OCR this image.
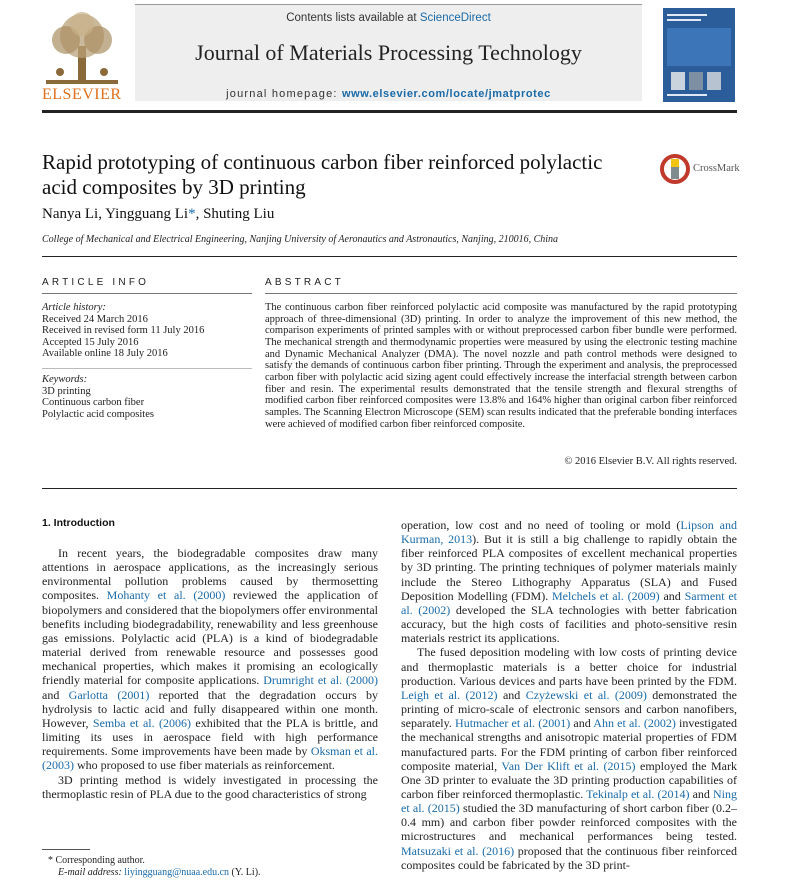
ELSEVIER
Contents lists available at ScienceDirect
Journal of Materials Processing Technology
journal homepage: www.elsevier.com/locate/jmatprotec
Rapid prototyping of continuous carbon fiber reinforced polylactic
acid composites by 3D printing
CrossMark
Nanya Li, Yingguang Li*, Shuting Liu
College of Mechanical and Electrical Engineering, Nanjing University of Aeronautics and Astronautics, Nanjing, 210016, China
ARTICLE INFO
Article history:
Received 24 March 2016
Received in revised form 11 July 2016
Accepted 15 July 2016
Available online 18 July 2016
Keywords:
3D printing
Continuous carbon fiber
Polylactic acid composites
ABSTRACT
The continuous carbon fiber reinforced polylactic acid composite was manufactured by the rapid prototyping approach of three-dimensional (3D) printing. In order to analyze the improvement of this new method, the comparison experiments of printed samples with or without preprocessed carbon fiber bundle were performed. The mechanical strength and thermodynamic properties were measured by using the electronic testing machine and Dynamic Mechanical Analyzer (DMA). The novel nozzle and path control methods were designed to satisfy the demands of continuous carbon fiber printing. Through the experiment and analysis, the preprocessed carbon fiber with polylactic acid sizing agent could effectively increase the interfacial strength between carbon fiber and resin. The experimental results demonstrated that the tensile strength and flexural strengths of modified carbon fiber reinforced composites were 13.8% and 164% higher than original carbon fiber reinforced samples. The Scanning Electron Microscope (SEM) scan results indicated that the preferable bonding interfaces were achieved of modified carbon fiber reinforced composite.
© 2016 Elsevier B.V. All rights reserved.
1. Introduction

In recent years, the biodegradable composites draw many attentions in aerospace applications, as the increasingly serious environmental pollution problems caused by thermosetting composites. Mohanty et al. (2000) reviewed the application of biopolymers and considered that the biopolymers offer environmental benefits including biodegradability, renewability and less greenhouse gas emissions. Polylactic acid (PLA) is a kind of biodegradable material derived from renewable resource and possesses good mechanical properties, which makes it promising an ecologically friendly material for composite applications. Drumright et al. (2000) and Garlotta (2001) reported that the degradation occurs by hydrolysis to lactic acid and fully disappeared within one month. However, Semba et al. (2006) exhibited that the PLA is brittle, and limiting its uses in aerospace field with high performance requirements. Some improvements have been made by Oksman et al. (2003) who proposed to use fiber materials as reinforcement.

3D printing method is widely investigated in processing the thermoplastic resin of PLA due to the good characteristics of strong

operation, low cost and no need of tooling or mold (Lipson and Kurman, 2013). But it is still a big challenge to rapidly obtain the fiber reinforced PLA composites of excellent mechanical properties by 3D printing. The printing techniques of polymer materials mainly include the Stereo Lithography Apparatus (SLA) and Fused Deposition Modelling (FDM). Melchels et al. (2009) and Sarment et al. (2002) developed the SLA technologies with better fabrication accuracy, but the high costs of facilities and photo-sensitive resin materials restrict its applications.

The fused deposition modeling with low costs of printing device and thermoplastic materials is a better choice for industrial production. Various devices and parts have been printed by the FDM. Leigh et al. (2012) and Czyżewski et al. (2009) demonstrated the printing of micro-scale of electronic sensors and carbon nanofibers, separately. Hutmacher et al. (2001) and Ahn et al. (2002) investigated the mechanical strengths and anisotropic material properties of FDM manufactured parts. For the FDM printing of carbon fiber reinforced composite material, Van Der Klift et al. (2015) employed the Mark One 3D printer to evaluate the 3D printing production capabilities of carbon fiber reinforced thermoplastic. Tekinalp et al. (2014) and Ning et al. (2015) studied the 3D manufacturing of short carbon fiber (0.2–0.4 mm) and carbon fiber powder reinforced composites with the microstructures and mechanical performances being tested. Matsuzaki et al. (2016) proposed that the continuous fiber reinforced composites could be fabricated by the 3D print-

* Corresponding author.
E-mail address: liyingguang@nuaa.edu.cn (Y. Li).
